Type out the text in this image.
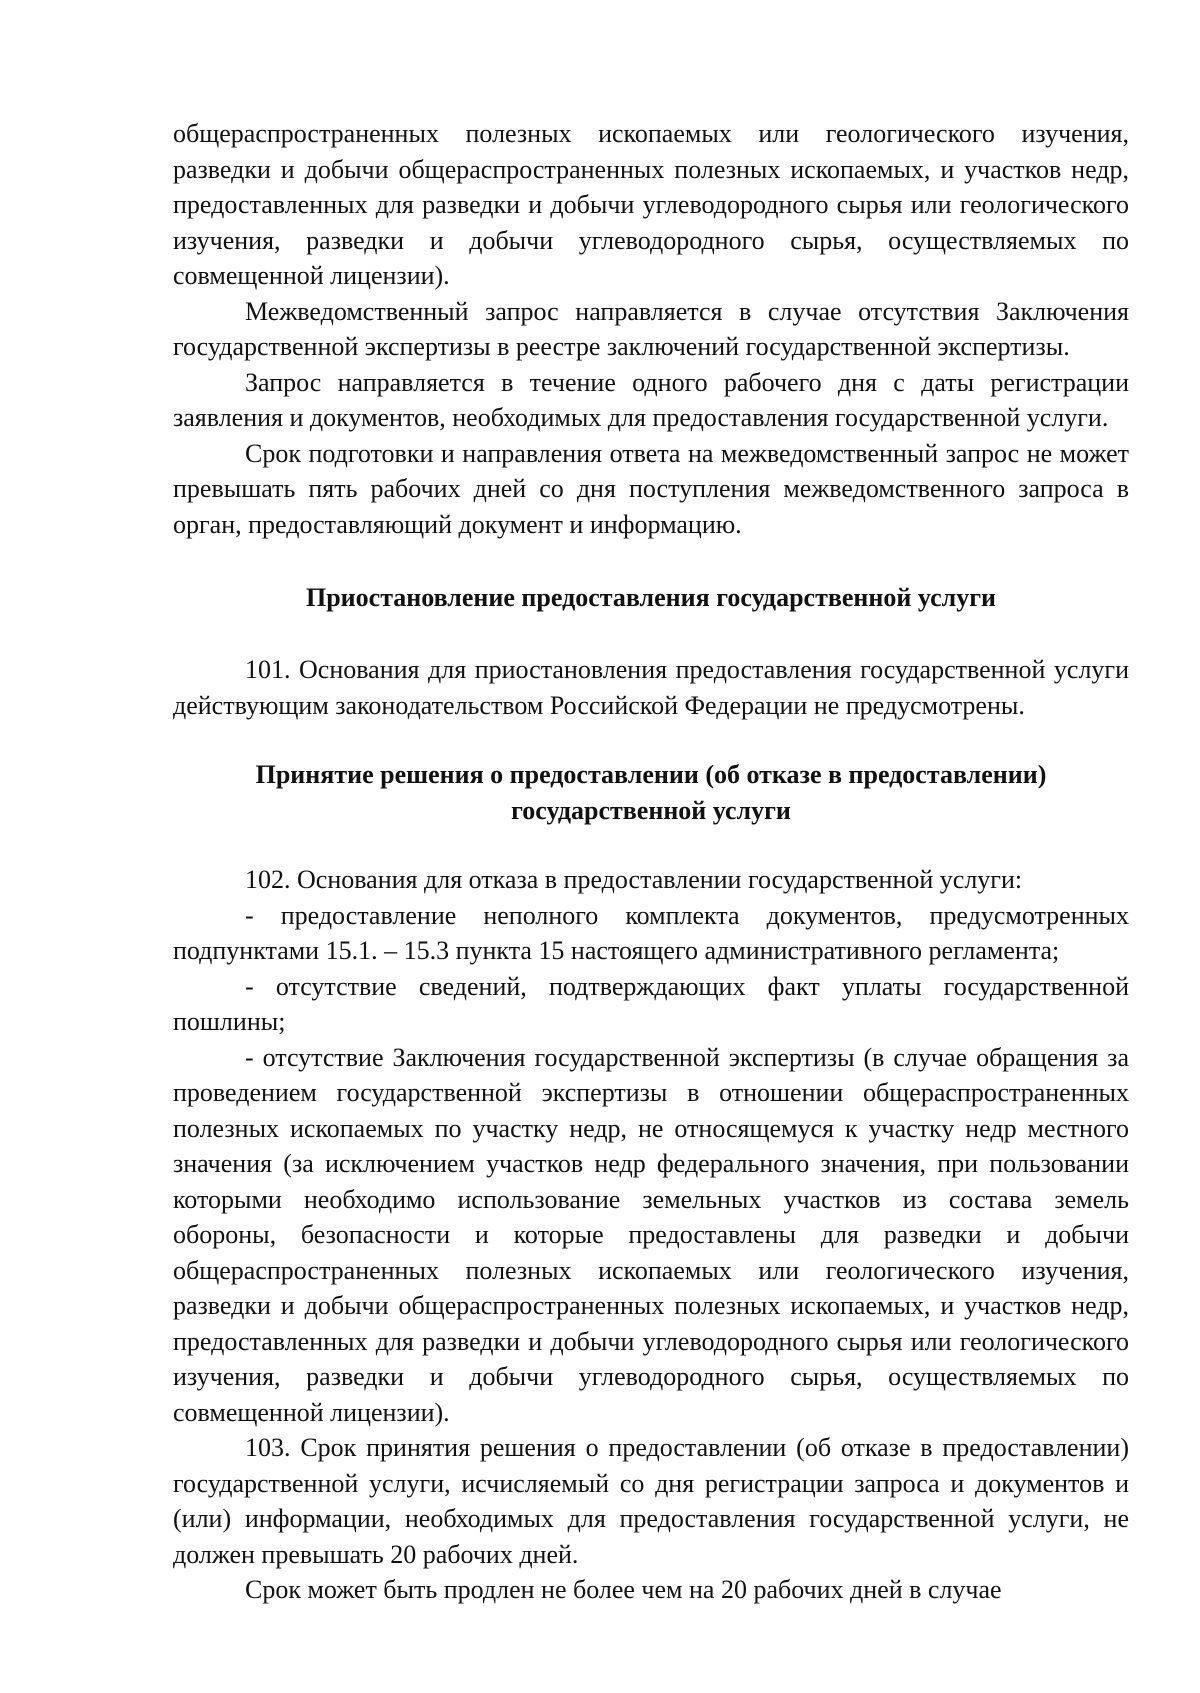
общераспространенных полезных ископаемых или геологического изучения, разведки и добычи общераспространенных полезных ископаемых, и участков недр, предоставленных для разведки и добычи углеводородного сырья или геологического изучения, разведки и добычи углеводородного сырья, осуществляемых по совмещенной лицензии).

Межведомственный запрос направляется в случае отсутствия Заключения государственной экспертизы в реестре заключений государственной экспертизы.

Запрос направляется в течение одного рабочего дня с даты регистрации заявления и документов, необходимых для предоставления государственной услуги.

Срок подготовки и направления ответа на межведомственный запрос не может превышать пять рабочих дней со дня поступления межведомственного запроса в орган, предоставляющий документ и информацию.

Приостановление предоставления государственной услуги

101. Основания для приостановления предоставления государственной услуги действующим законодательством Российской Федерации не предусмотрены.

Принятие решения о предоставлении (об отказе в предоставлении)
государственной услуги

102. Основания для отказа в предоставлении государственной услуги:

- предоставление неполного комплекта документов, предусмотренных подпунктами 15.1. – 15.3 пункта 15 настоящего административного регламента;

- отсутствие сведений, подтверждающих факт уплаты государственной пошлины;

- отсутствие Заключения государственной экспертизы (в случае обращения за проведением государственной экспертизы в отношении общераспространенных полезных ископаемых по участку недр, не относящемуся к участку недр местного значения (за исключением участков недр федерального значения, при пользовании которыми необходимо использование земельных участков из состава земель обороны, безопасности и которые предоставлены для разведки и добычи общераспространенных полезных ископаемых или геологического изучения, разведки и добычи общераспространенных полезных ископаемых, и участков недр, предоставленных для разведки и добычи углеводородного сырья или геологического изучения, разведки и добычи углеводородного сырья, осуществляемых по совмещенной лицензии).

103. Срок принятия решения о предоставлении (об отказе в предоставлении) государственной услуги, исчисляемый со дня регистрации запроса и документов и (или) информации, необходимых для предоставления государственной услуги, не должен превышать 20 рабочих дней.

Срок может быть продлен не более чем на 20 рабочих дней в случае
